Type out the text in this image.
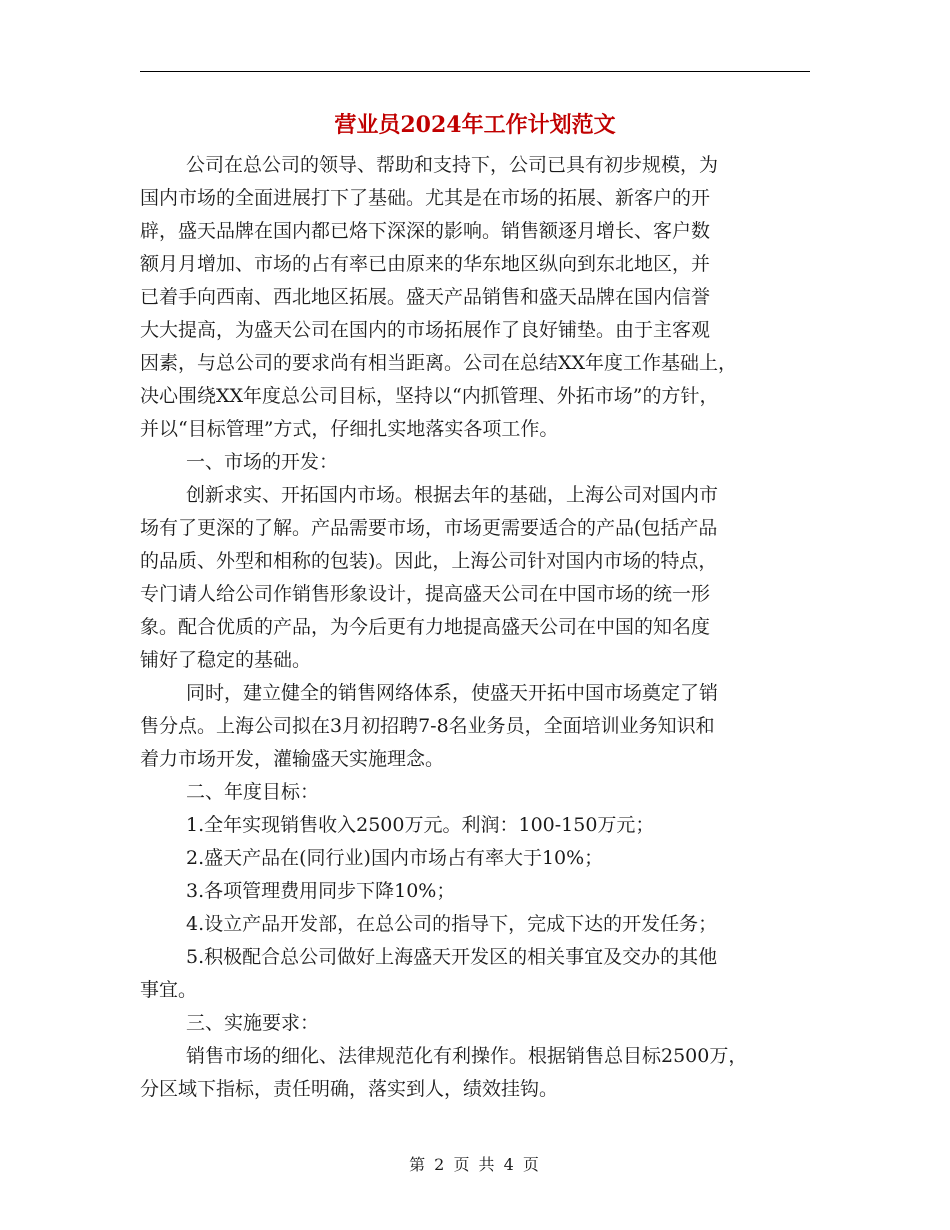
营业员2024年工作计划范文

公司在总公司的领导、帮助和支持下，公司已具有初步规模，为

国内市场的全面进展打下了基础。尤其是在市场的拓展、新客户的开

辟，盛天品牌在国内都已烙下深深的影响。销售额逐月增长、客户数

额月月增加、市场的占有率已由原来的华东地区纵向到东北地区，并

已着手向西南、西北地区拓展。盛天产品销售和盛天品牌在国内信誉

大大提高，为盛天公司在国内的市场拓展作了良好铺垫。由于主客观

因素，与总公司的要求尚有相当距离。公司在总结XX年度工作基础上，

决心围绕XX年度总公司目标，坚持以“内抓管理、外拓市场”的方针，

并以“目标管理”方式，仔细扎实地落实各项工作。

一、市场的开发：

创新求实、开拓国内市场。根据去年的基础，上海公司对国内市

场有了更深的了解。产品需要市场，市场更需要适合的产品(包括产品

的品质、外型和相称的包装)。因此，上海公司针对国内市场的特点，

专门请人给公司作销售形象设计，提高盛天公司在中国市场的统一形

象。配合优质的产品，为今后更有力地提高盛天公司在中国的知名度

铺好了稳定的基础。

同时，建立健全的销售网络体系，使盛天开拓中国市场奠定了销

售分点。上海公司拟在3月初招聘7-8名业务员，全面培训业务知识和

着力市场开发，灌输盛天实施理念。

二、年度目标：

1.全年实现销售收入2500万元。利润：100-150万元；

2.盛天产品在(同行业)国内市场占有率大于10%；

3.各项管理费用同步下降10%；

4.设立产品开发部，在总公司的指导下，完成下达的开发任务；

5.积极配合总公司做好上海盛天开发区的相关事宜及交办的其他

事宜。

三、实施要求：

销售市场的细化、法律规范化有利操作。根据销售总目标2500万，

分区域下指标，责任明确，落实到人，绩效挂钩。

第 2 页 共 4 页
